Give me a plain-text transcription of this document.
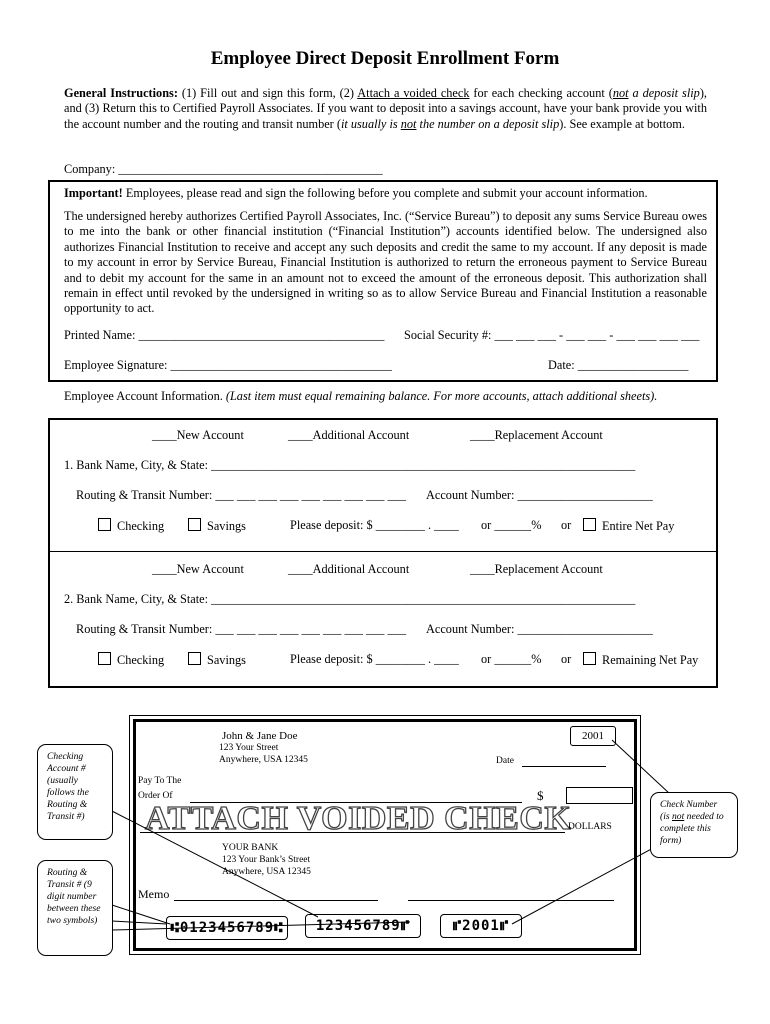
Employee Direct Deposit Enrollment Form
General Instructions: (1) Fill out and sign this form, (2) Attach a voided check for each checking account (not a deposit slip), and (3) Return this to Certified Payroll Associates. If you want to deposit into a savings account, have your bank provide you with the account number and the routing and transit number (it usually is not the number on a deposit slip). See example at bottom.
Company: ___________________________________________
Important! Employees, please read and sign the following before you complete and submit your account information.
The undersigned hereby authorizes Certified Payroll Associates, Inc. (“Service Bureau”) to deposit any sums Service Bureau owes to me into the bank or other financial institution (“Financial Institution”) accounts identified below. The undersigned also authorizes Financial Institution to receive and accept any such deposits and credit the same to my account. If any deposit is made to my account in error by Service Bureau, Financial Institution is authorized to return the erroneous payment to Service Bureau and to debit my account for the same in an amount not to exceed the amount of the erroneous deposit. This authorization shall remain in effect until revoked by the undersigned in writing so as to allow Service Bureau and Financial Institution a reasonable opportunity to act.
Printed Name: ________________________________________ Social Security #: ___ ___ ___ - ___ ___ - ___ ___ ___ ___
Employee Signature: ____________________________________	Date: __________________
Employee Account Information. (Last item must equal remaining balance. For more accounts, attach additional sheets).
____New Account	____Additional Account	____Replacement Account
1. Bank Name, City, & State: _____________________________________________________________________
Routing & Transit Number: ___ ___ ___ ___ ___ ___ ___ ___ ___ Account Number: ______________________
Checking	Savings	Please deposit: $ ________ . ____ or ______% or	Entire Net Pay
____New Account	____Additional Account	____Replacement Account
2. Bank Name, City, & State: _____________________________________________________________________
Routing & Transit Number: ___ ___ ___ ___ ___ ___ ___ ___ ___ Account Number: ______________________
Checking	Savings	Please deposit: $ ________ . ____ or ______% or	Remaining Net Pay
John & Jane Doe
123 Your Street
Anywhere, USA 12345
2001
Date
Pay To The
Order Of	$
ATTACH VOIDED CHECK
DOLLARS
YOUR BANK
123 Your Bank’s Street
Anywhere, USA 12345
Memo
⑆0123456789⑆	123456789⑈	⑈2001⑈
Checking Account # (usually follows the Routing & Transit #)
Routing & Transit # (9 digit number between these two symbols)
Check Number (is not needed to complete this form)
